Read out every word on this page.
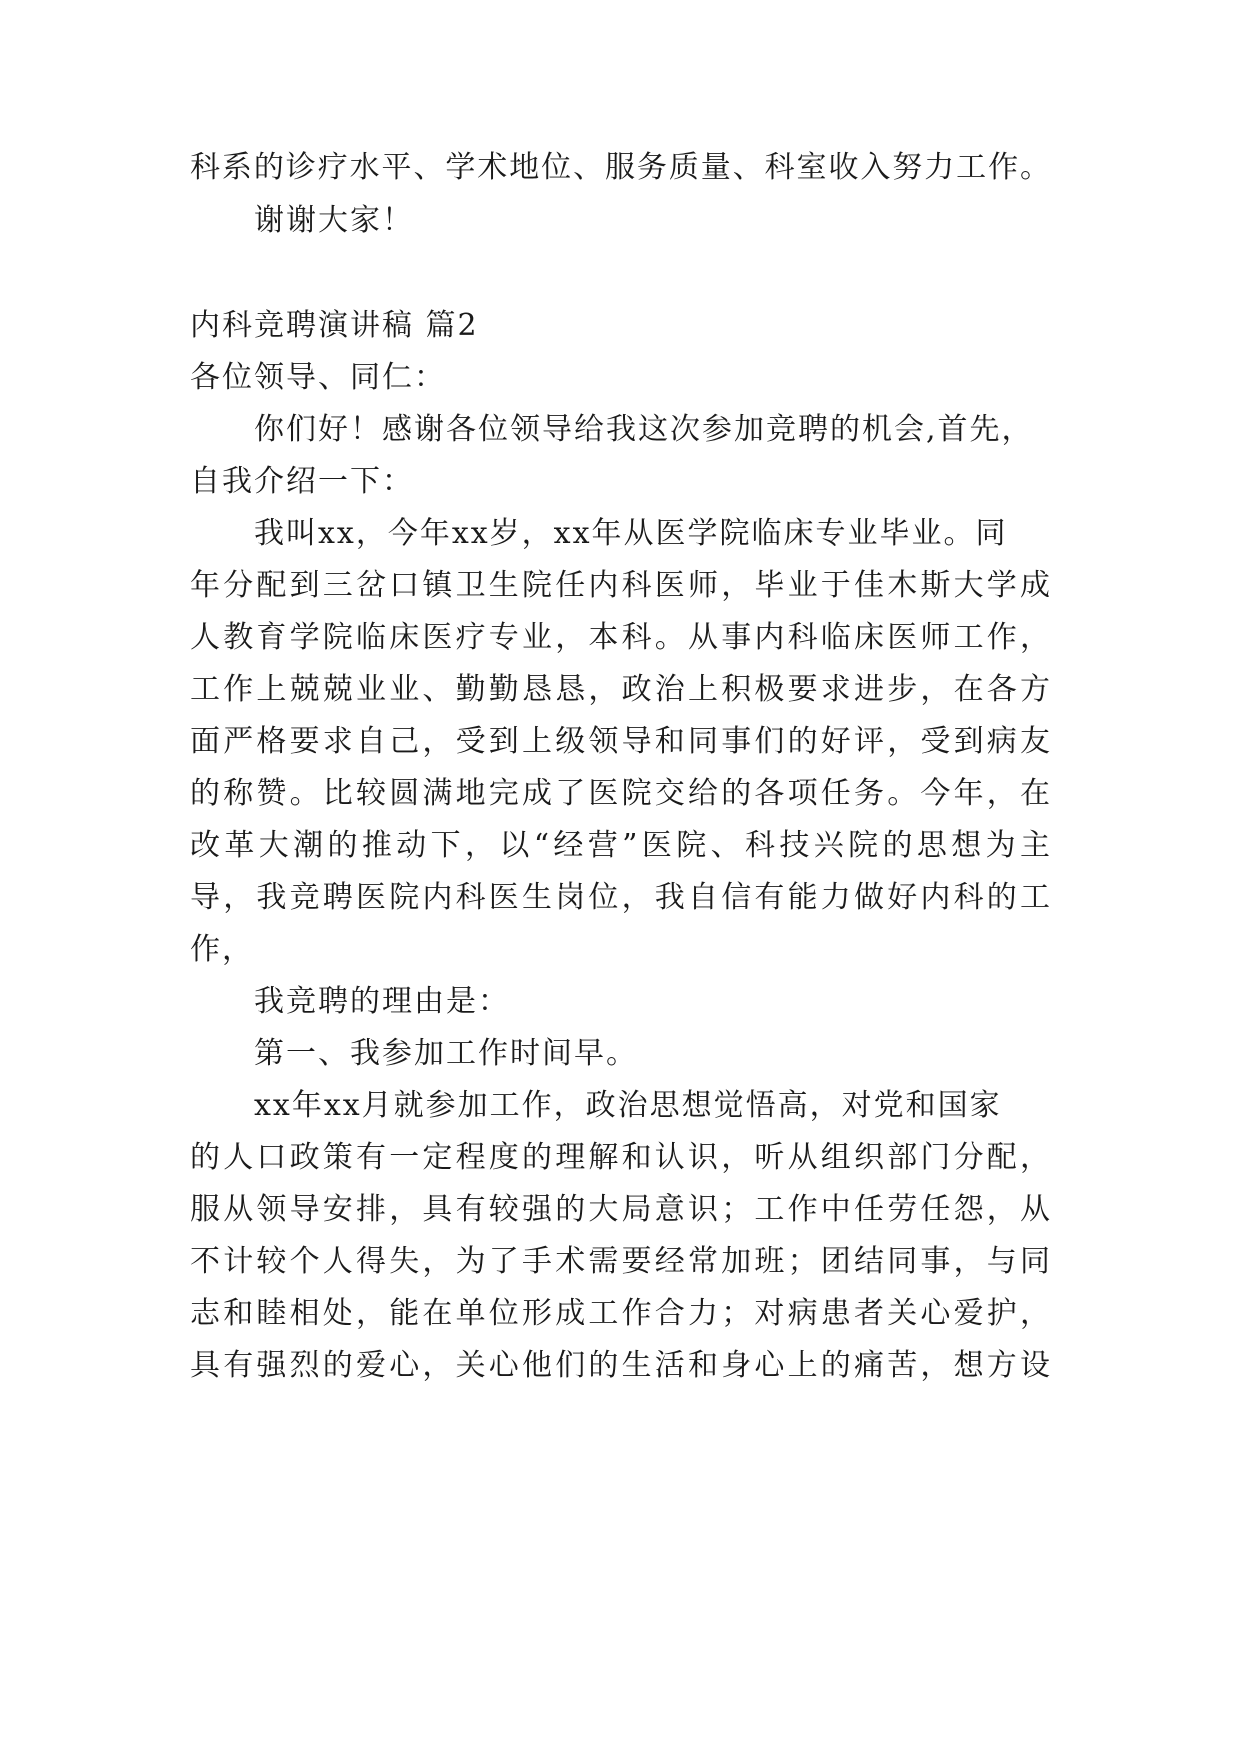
科系的诊疗水平、学术地位、服务质量、科室收入努力工作。
谢谢大家！
内科竞聘演讲稿 篇2
各位领导、同仁：
你们好！感谢各位领导给我这次参加竞聘的机会,首先，
自我介绍一下：
我叫xx，今年xx岁，xx年从医学院临床专业毕业。同
年分配到三岔口镇卫生院任内科医师，毕业于佳木斯大学成
人教育学院临床医疗专业，本科。从事内科临床医师工作，
工作上兢兢业业、勤勤恳恳，政治上积极要求进步，在各方
面严格要求自己，受到上级领导和同事们的好评，受到病友
的称赞。比较圆满地完成了医院交给的各项任务。今年，在
改革大潮的推动下，以“经营”医院、科技兴院的思想为主
导，我竞聘医院内科医生岗位，我自信有能力做好内科的工
作，
我竞聘的理由是：
第一、我参加工作时间早。
xx年xx月就参加工作，政治思想觉悟高，对党和国家
的人口政策有一定程度的理解和认识，听从组织部门分配，
服从领导安排，具有较强的大局意识；工作中任劳任怨，从
不计较个人得失，为了手术需要经常加班；团结同事，与同
志和睦相处，能在单位形成工作合力；对病患者关心爱护，
具有强烈的爱心，关心他们的生活和身心上的痛苦，想方设
